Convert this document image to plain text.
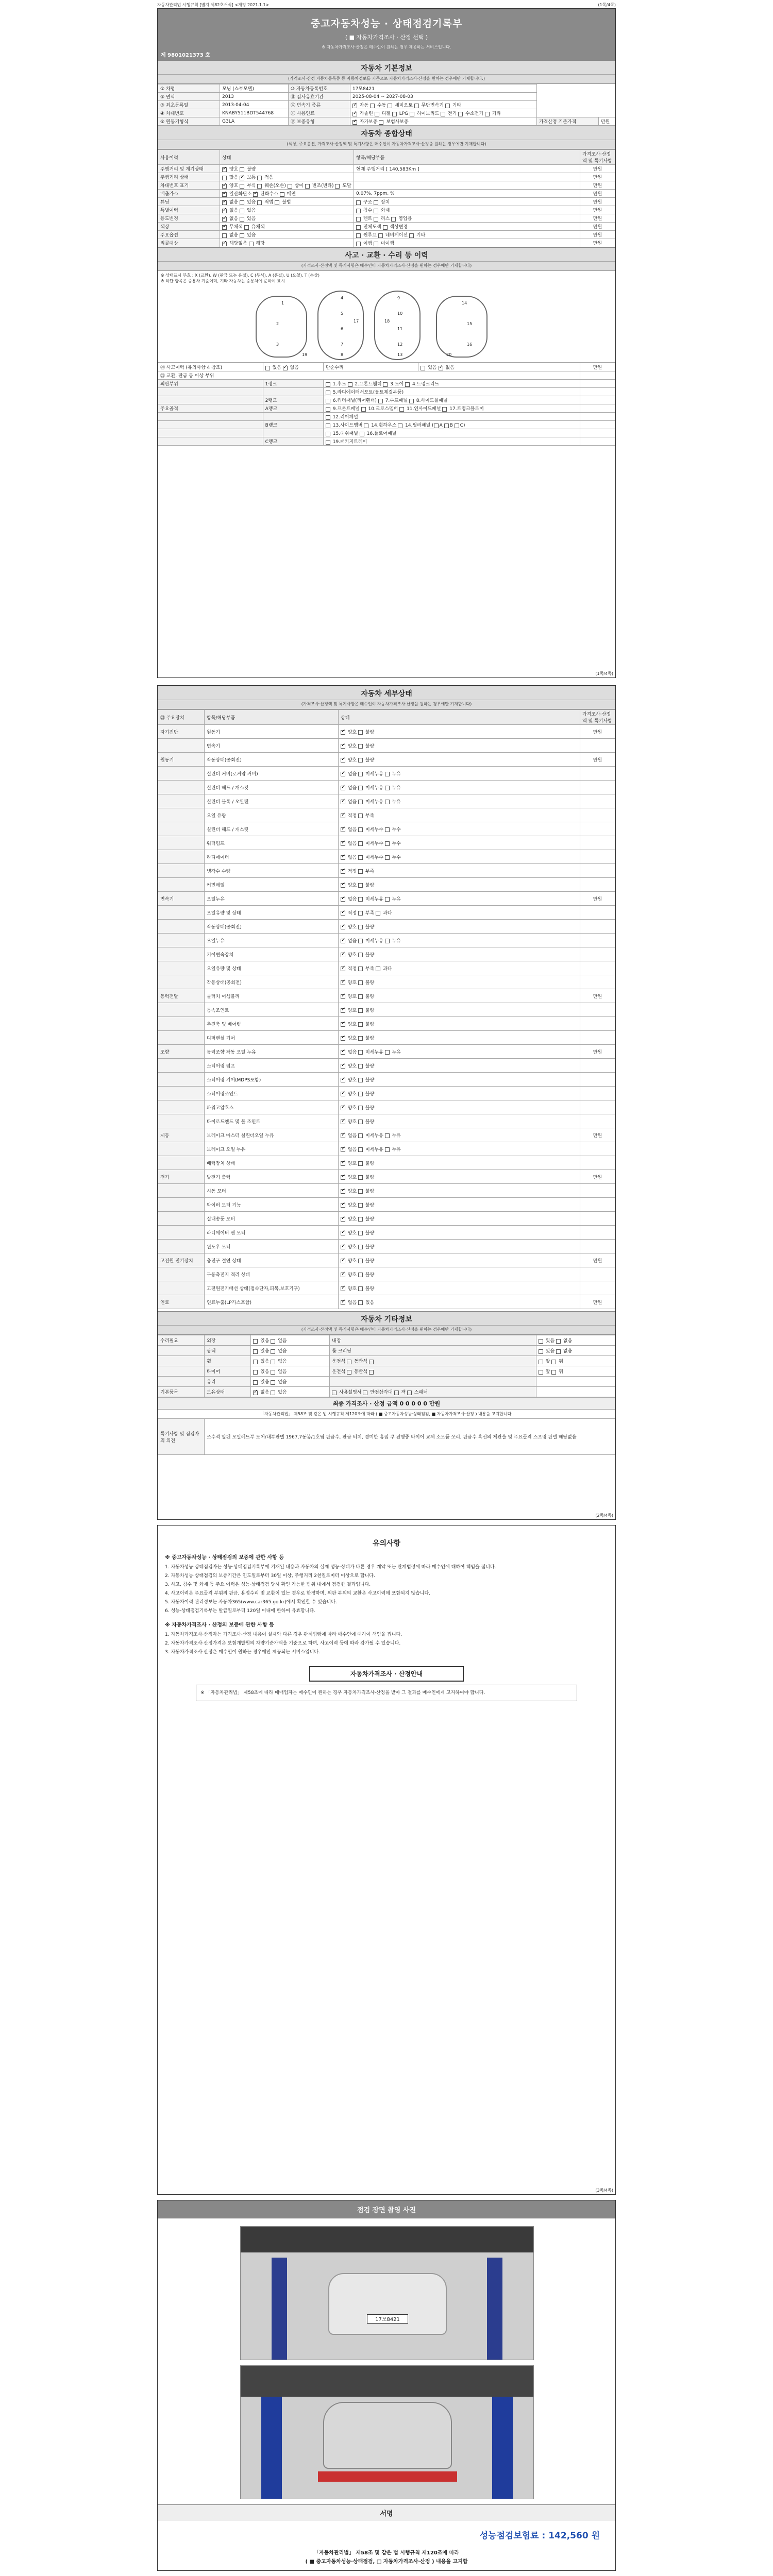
자동차관리법 시행규칙 [별지 제82호서식] <개정 2021.1.1>	(1쪽/4쪽)
중고자동차성능 · 상태점검기록부
( ■ 자동차가격조사 · 산정 선택 )
※ 자동차가격조사·산정은 매수인이 원하는 경우 제공하는 서비스입니다.
제 9801021373 호
자동차 기본정보
(가격조사·산정 자동차등록증 등 자동차정보를 기준으로 자동차가격조사·산정을 원하는 경우에만 기재합니다.)
① 차명	모닝 (쇼부모델)	⑩ 자동차등록번호	17모8421		
② 연식	2013	⑪ 검사유효기간	2025-08-04 ~ 2027-08-03		
③ 최초등록일	2013-04-04	⑫ 변속기 종류	✓ 자동  수동  세미오토  무단변속기  기타
④ 차대번호	KNABY511BDT544768	⑬ 사용연료	✓ 가솔린  디젤  LPG  하이브리드  전기  수소전기  기타
⑤ 원동기형식	G3LA	⑭ 보증유형	✓ 자가보증  보험사보증	가격산정 기준가격	만원
자동차 종합상태
(색상, 주요옵션, 가격조사·산정액 및 특기사항은 매수인이 자동차가격조사·산정을 원하는 경우에만 기재합니다)
사용이력	상태	항목/해당부품	가격조사·산정액 및 특기사항
주행거리 및 계기상태	✓ 양호  불량	현재 주행거리 [ 140,583Km ]	만원
주행거리 상태	많음 ✓ 보통  적음		만원
차대번호 표기	✓ 양호  부식  훼손(오손)  상이  변조(변타)  도말		만원
배출가스	✓ 일산화탄소 ✓ 탄화수소  매연	0.07%, 7ppm, %	만원
튜닝	✓ 없음  있음  적법  불법	구조  장치	만원
특별이력	✓ 없음  있음	침수  화재	만원
용도변경	✓ 없음  있음	렌트  리스  영업용	만원
색상	✓ 무채색  유채색	전체도색  색상변경	만원
주요옵션	없음  있음	썬루프  네비게이션  기타	만원
리콜대상	✓ 해당없음  해당	이행  미이행	만원
사고 · 교환 · 수리 등 이력
(가격조사·산정액 및 특기사항은 매수인이 자동차가격조사·산정을 원하는 경우에만 기재합니다)
※ 상태표시 부호 : X (교환), W (판금 또는 용접), C (부식), A (흠집), U (요철), T (손상)
※ 하단 항목은 승용차 기준이며, 기타 자동차는 승용차에 준하여 표시
1
2
3
4
5
6
7
8
9
10
11
12
13
14
15
16
17	18
19	20
⑳ 사고이력 (유의사항 4 참조)	있음 ✓ 없음	단순수리	있음 ✓ 없음	만원
㉑ 교환, 판금 등 이상 부위				
외판부위	1랭크	1.후드  2.프론트휀더  3.도어  4.트렁크리드		
		5.라디에이터서포트(볼트체결부품)		
	2랭크	6.쿼터패널(리어휀더)  7.루프패널  8.사이드실패널		
주요골격	A랭크	9.프론트패널  10.크로스멤버  11.인사이드패널  17.트렁크플로어		
		12.리어패널		
	B랭크	13.사이드멤버  14.휠하우스  14.필러패널 ( A B C)		
		15.대쉬패널  16.플로어패널		
	C랭크	19.패키지트레이		
(1쪽/4쪽)
자동차 세부상태
(가격조사·산정액 및 특기사항은 매수인이 자동차가격조사·산정을 원하는 경우에만 기재합니다)
㉒ 주요장치	항목/해당부품	상태	가격조사·산정액 및 특기사항
자기진단	원동기	✓ 양호  불량	만원
	변속기	✓ 양호  불량	
원동기	작동상태(공회전)	✓ 양호  불량	만원
	실린더 커버(로커암 커버)	✓ 없음  미세누유  누유	
	실린더 헤드 / 개스킷	✓ 없음  미세누유  누유	
	실린더 블록 / 오일팬	✓ 없음  미세누유  누유	
	오일 유량	✓ 적정  부족	
	실린더 헤드 / 개스킷	✓ 없음  미세누수  누수	
	워터펌프	✓ 없음  미세누수  누수	
	라디에이터	✓ 없음  미세누수  누수	
	냉각수 수량	✓ 적정  부족	
	커먼레일	✓ 양호  불량	
변속기	오일누유	✓ 없음  미세누유  누유	만원
	오일유량 및 상태	✓ 적정  부족  과다	
	작동상태(공회전)	✓ 양호  불량	
	오일누유	✓ 없음  미세누유  누유	
	기어변속장치	✓ 양호  불량	
	오일유량 및 상태	✓ 적정  부족  과다	
	작동상태(공회전)	✓ 양호  불량	
동력전달	클러치 어셈블리	✓ 양호  불량	만원
	등속조인트	✓ 양호  불량	
	추진축 및 베어링	✓ 양호  불량	
	디퍼렌셜 기어	✓ 양호  불량	
조향	동력조향 작동 오일 누유	✓ 없음  미세누유  누유	만원
	스티어링 펌프	✓ 양호  불량	
	스티어링 기어(MDPS포함)	✓ 양호  불량	
	스티어링조인트	✓ 양호  불량	
	파워고압호스	✓ 양호  불량	
	타이로드엔드 및 볼 조인트	✓ 양호  불량	
제동	브레이크 마스터 실린더오일 누유	✓ 없음  미세누유  누유	만원
	브레이크 오일 누유	✓ 없음  미세누유  누유	
	배력장치 상태	✓ 양호  불량	
전기	발전기 출력	✓ 양호  불량	만원
	시동 모터	✓ 양호  불량	
	와이퍼 모터 기능	✓ 양호  불량	
	실내송풍 모터	✓ 양호  불량	
	라디에이터 팬 모터	✓ 양호  불량	
	윈도우 모터	✓ 양호  불량	
고전원 전기장치	충전구 절연 상태	✓ 양호  불량	만원
	구동축전지 격리 상태	✓ 양호  불량	
	고전원전기배선 상태(접속단자,피복,보호기구)	✓ 양호  불량	
연료	연료누출(LP가스포함)	✓ 없음  있음	만원
자동차 기타정보
(가격조사·산정액 및 특기사항은 매수인이 자동차가격조사·산정을 원하는 경우에만 기재합니다)
수리필요	외장	있음  없음	내장	있음  없음
	광택	있음  없음	룸 크리닝	있음  없음
	휠	있음  없음	운전석  동반석	앞  뒤
	타이어	있음  없음	운전석  동반석	앞  뒤
	유리	있음  없음		
기본품목	보유상태	✓ 없음  있음	사용설명서  안전삼각대  잭  스패너	
최종 가격조사 · 산정 금액 0 0 0 0 0 만원
「자동차관리법」 제58조 및 같은 법 시행규칙 제120조에 따라 ( ■ 중고자동차성능·상태점검, ■ 자동차가격조사·산정 ) 내용을 고지합니다.
특기사항 및 점검자의 의견	조수석 앞펜 오일레드부 도어/내부판넬 1967,7동봉/1호팀 판금수, 판금 터치, 경미한 흠집 쿠 진행중 타이어 교체 소모품 쏘리, 판금수 흑선의 제관을 및 주요골격 스프링 판넬 해당없음
(2쪽/4쪽)
유의사항
※ 중고자동차성능 · 상태점검의 보증에 관한 사항 등

1. 자동차성능·상태점검자는 성능·상태점검기록부에 기재된 내용과 자동차의 실제 성능·상태가 다른 경우 계약 또는 관계법령에 따라 매수인에 대하여 책임을 집니다.

2. 자동차성능·상태점검의 보증기간은 인도일로부터 30일 이상, 주행거리 2천킬로미터 이상으로 합니다.

3. 사고, 침수 및 화재 등 주요 이력은 성능·상태점검 당시 확인 가능한 범위 내에서 점검한 결과입니다.

4. 사고이력은 주요골격 부위의 판금, 용접수리 및 교환이 있는 경우로 한정하며, 외판 부위의 교환은 사고이력에 포함되지 않습니다.

5. 자동차이력 관리정보는 자동차365(www.car365.go.kr)에서 확인할 수 있습니다.

6. 성능·상태점검기록부는 발급일로부터 120일 이내에 한하여 유효합니다.

※ 자동차가격조사 · 산정의 보증에 관한 사항 등

1. 자동차가격조사·산정자는 가격조사·산정 내용이 실제와 다른 경우 관계법령에 따라 매수인에 대하여 책임을 집니다.

2. 자동차가격조사·산정가격은 보험개발원의 차량기준가액을 기준으로 하며, 사고이력 등에 따라 감가될 수 있습니다.

3. 자동차가격조사·산정은 매수인이 원하는 경우에만 제공되는 서비스입니다.

자동차가격조사 · 산정안내
※ 「자동차관리법」 제58조에 따라 매매업자는 매수인이 원하는 경우 자동차가격조사·산정을 받아 그 결과를 매수인에게 고지하여야 합니다.
(3쪽/4쪽)
점검 장면 촬영 사진
17모8421
서명
성능점검보험료 : 142,560 원
「자동차관리법」 제58조 및 같은 법 시행규칙 제120조에 따라
( ■ 중고자동차성능·상태점검, □ 자동차가격조사·산정 ) 내용을 고지함
